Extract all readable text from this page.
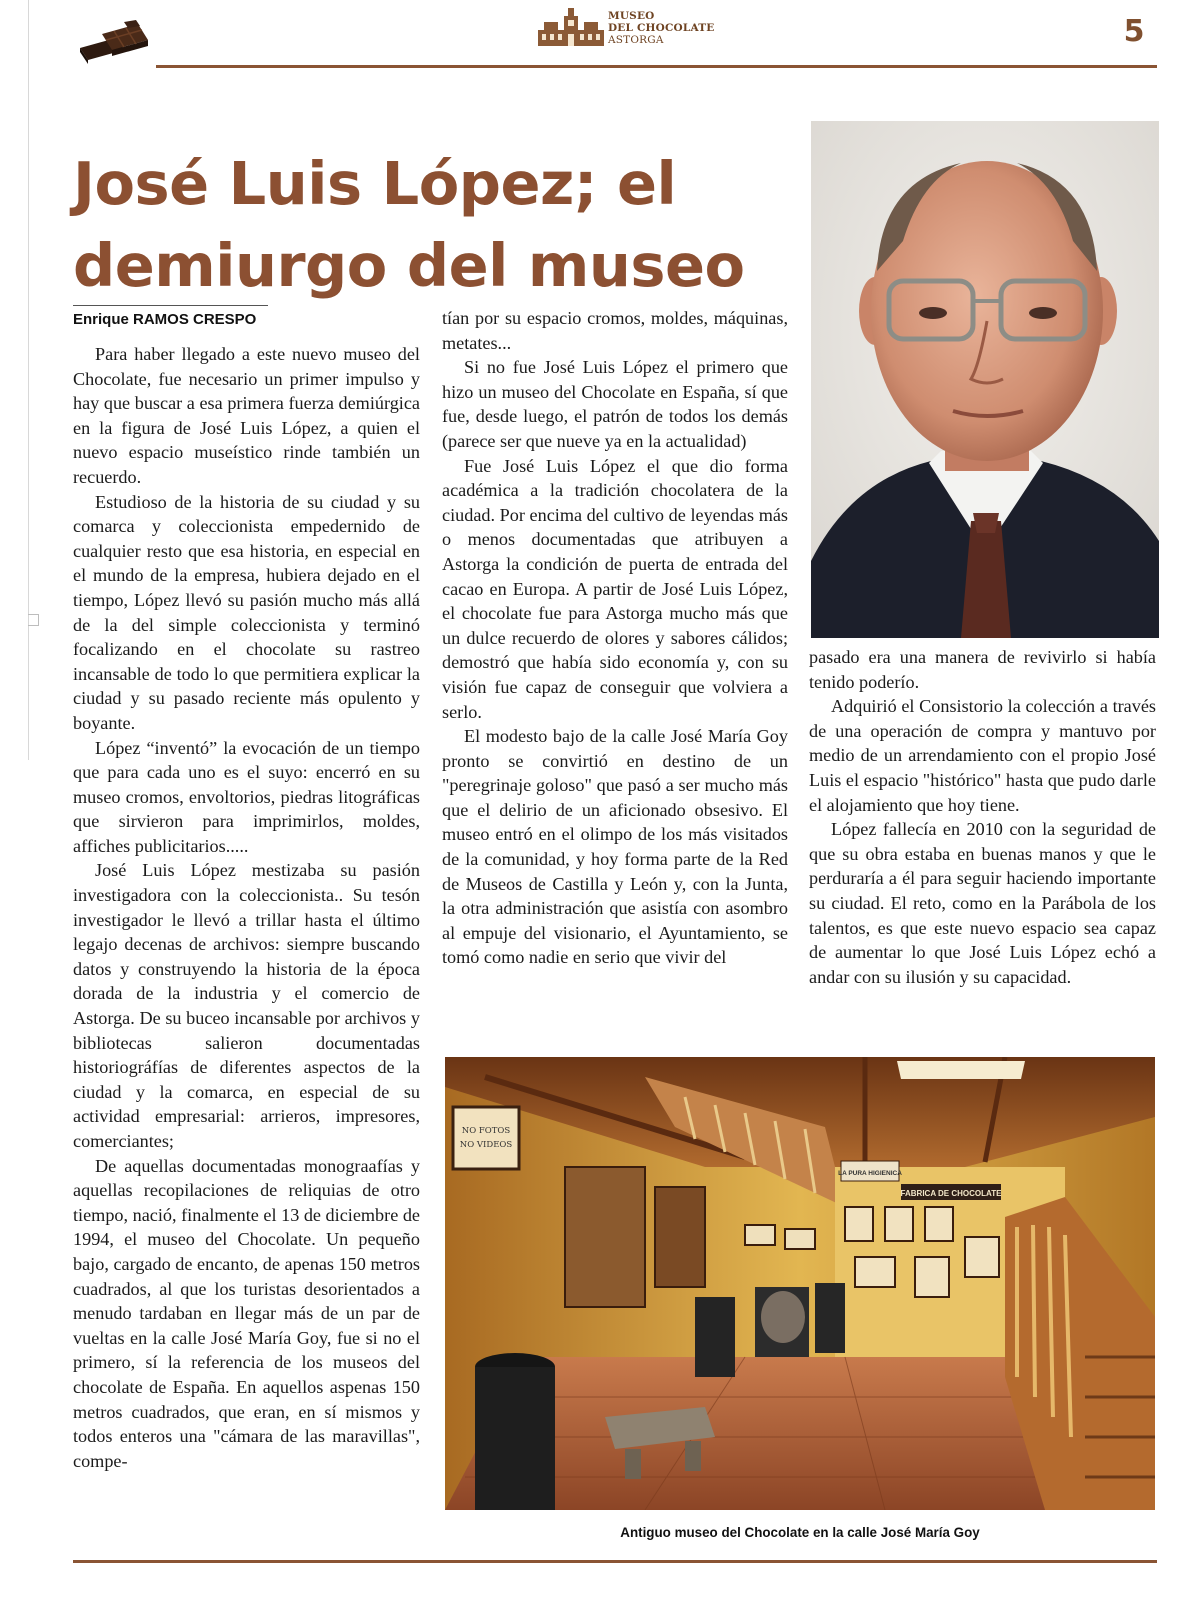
MUSEO
DEL CHOCOLATE
ASTORGA	5
José Luis López; el demiurgo del museo
Enrique RAMOS CRESPO

Para haber llegado a este nuevo museo del Chocolate, fue necesario un primer impulso y hay que buscar a esa primera fuerza demiúrgica en la figura de José Luis López, a quien el nuevo espacio museístico rinde también un recuerdo.

Estudioso de la historia de su ciudad y su comarca y coleccionista empedernido de cualquier resto que esa historia, en especial en el mundo de la empresa, hubiera dejado en el tiempo, López llevó su pasión mucho más allá de la del simple coleccionista y terminó focalizando en el chocolate su rastreo incansable de todo lo que permitiera explicar la ciudad y su pasado reciente más opulento y boyante.

López “inventó” la evocación de un tiempo que para cada uno es el suyo: encerró en su museo cromos, envoltorios, piedras litográficas que sirvieron para imprimirlos, moldes, affiches publicitarios.....

José Luis López mestizaba su pasión investigadora con la coleccionista.. Su tesón investigador le llevó a trillar hasta el último legajo decenas de archivos: siempre buscando datos y construyendo la historia de la época dorada de la industria y el comercio de Astorga. De su buceo incansable por archivos y bibliotecas salieron documentadas historiográfías de diferentes aspectos de la ciudad y la comarca, en especial de su actividad empresarial: arrieros, impresores, comerciantes;

De aquellas documentadas monograafías y aquellas recopilaciones de reliquias de otro tiempo, nació, finalmente el 13 de diciembre de 1994, el museo del Chocolate. Un pequeño bajo, cargado de encanto, de apenas 150 metros cuadrados, al que los turistas desorientados a menudo tardaban en llegar más de un par de vueltas en la calle José María Goy, fue si no el primero, sí la referencia de los museos del chocolate de España. En aquellos aspenas 150 metros cuadrados, que eran, en sí mismos y todos enteros una "cámara de las maravillas", compe-

tían por su espacio cromos, moldes, máquinas, metates...

Si no fue José Luis López el primero que hizo un museo del Chocolate en España, sí que fue, desde luego, el patrón de todos los demás (parece ser que nueve ya en la actualidad)

Fue José Luis López el que dio forma académica a la tradición chocolatera de la ciudad. Por encima del cultivo de leyendas más o menos documentadas que atribuyen a Astorga la condición de puerta de entrada del cacao en Europa. A partir de José Luis López, el chocolate fue para Astorga mucho más que un dulce recuerdo de olores y sabores cálidos; demostró que había sido economía y, con su visión fue capaz de conseguir que volviera a serlo.

El modesto bajo de la calle José María Goy pronto se convirtió en destino de un "peregrinaje goloso" que pasó a ser mucho más que el delirio de un aficionado obsesivo. El museo entró en el olimpo de los más visitados de la comunidad, y hoy forma parte de la Red de Museos de Castilla y León y, con la Junta, la otra administración que asistía con asombro al empuje del visionario, el Ayuntamiento, se tomó como nadie en serio que vivir del

pasado era una manera de revivirlo si había tenido poderío.

Adquirió el Consistorio la colección a través de una operación de compra y mantuvo por medio de un arrendamiento con el propio José Luis el espacio "histórico" hasta que pudo darle el alojamiento que hoy tiene.

López fallecía en 2010 con la seguridad de que su obra estaba en buenas manos y que le perduraría a él para seguir haciendo importante su ciudad. El reto, como en la Parábola de los talentos, es que este nuevo espacio sea capaz de aumentar lo que José Luis López echó a andar con su ilusión y su capacidad.

NO FOTOS
NO VIDEOS
LA PURA HIGIENICA
FABRICA DE CHOCOLATE
Antiguo museo del Chocolate en la calle José María Goy
